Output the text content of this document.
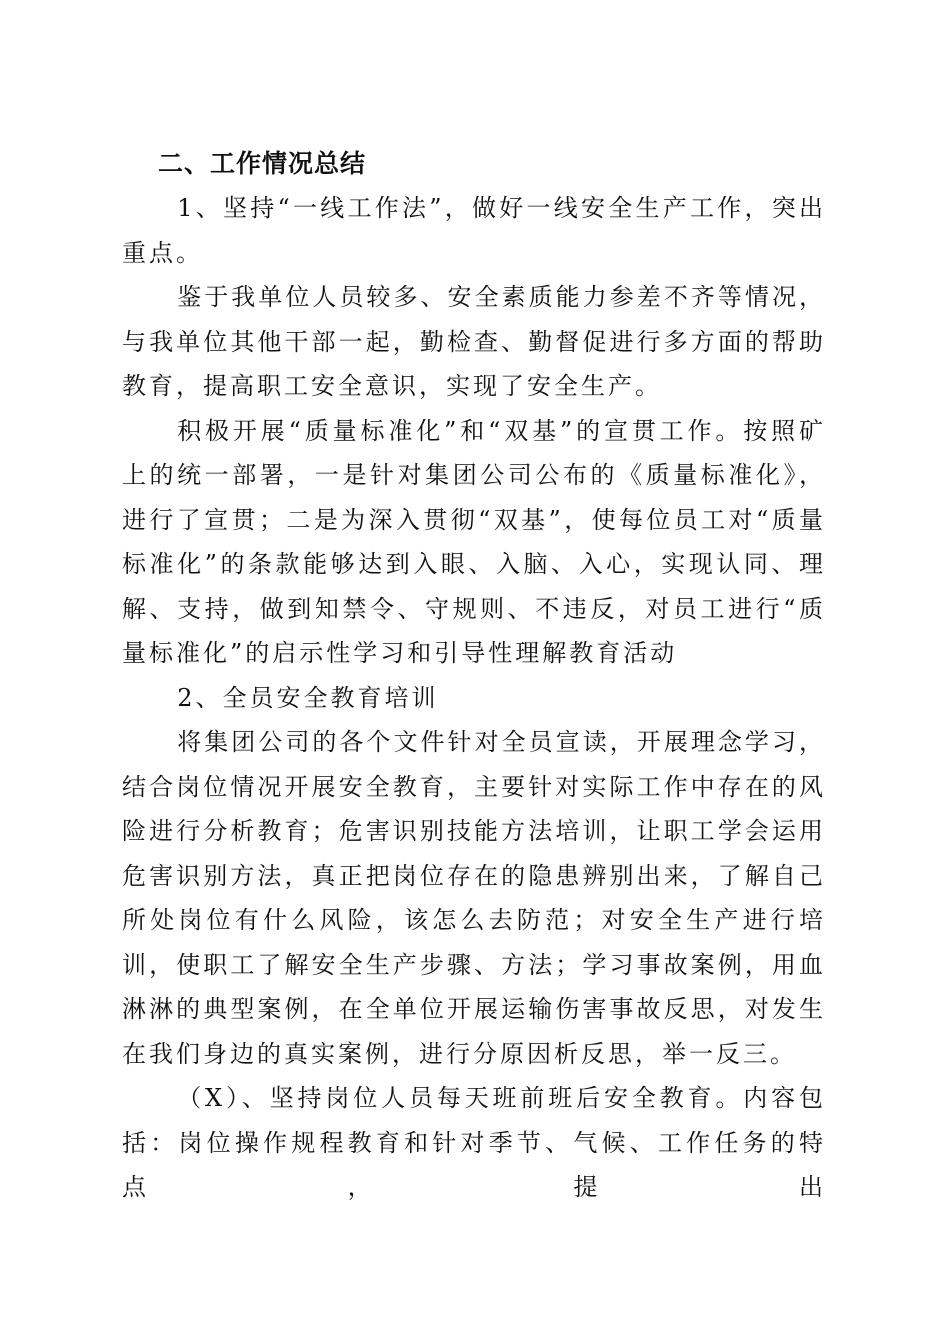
二、工作情况总结

1、坚持“一线工作法”，做好一线安全生产工作，突出重点。

鉴于我单位人员较多、安全素质能力参差不齐等情况，与我单位其他干部一起，勤检查、勤督促进行多方面的帮助教育，提高职工安全意识，实现了安全生产。

积极开展“质量标准化”和“双基”的宣贯工作。按照矿上的统一部署，一是针对集团公司公布的《质量标准化》，进行了宣贯；二是为深入贯彻“双基”，使每位员工对“质量标准化”的条款能够达到入眼、入脑、入心，实现认同、理解、支持，做到知禁令、守规则、不违反，对员工进行“质量标准化”的启示性学习和引导性理解教育活动

2、全员安全教育培训

将集团公司的各个文件针对全员宣读，开展理念学习，结合岗位情况开展安全教育，主要针对实际工作中存在的风险进行分析教育；危害识别技能方法培训，让职工学会运用危害识别方法，真正把岗位存在的隐患辨别出来，了解自己所处岗位有什么风险，该怎么去防范；对安全生产进行培训，使职工了解安全生产步骤、方法；学习事故案例，用血淋淋的典型案例，在全单位开展运输伤害事故反思，对发生在我们身边的真实案例，进行分原因析反思，举一反三。

（X）、坚持岗位人员每天班前班后安全教育。内容包括：岗位操作规程教育和针对季节、气候、工作任务的特点，提出
